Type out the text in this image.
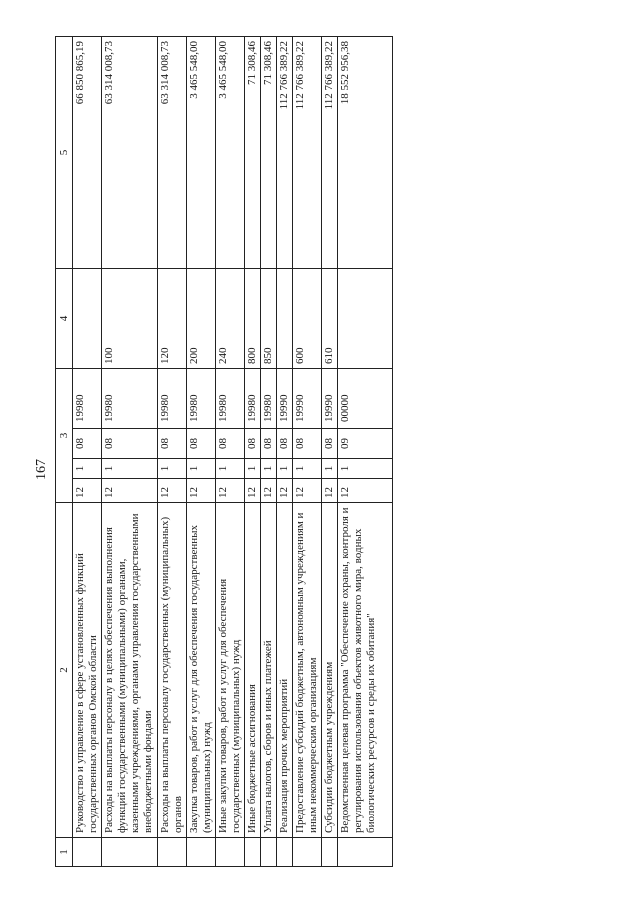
167
1	2	3				4	5
	Руководство и управление в сфере установленных функций государственных органов Омской области	12	1	08	19980		66 850 865,19
	Расходы на выплаты персоналу в целях обеспечения выполнения функций государственными (муниципальными) органами, казенными учреждениями, органами управления государственными внебюджетными фондами	12	1	08	19980	100	63 314 008,73
	Расходы на выплаты персоналу государственных (муниципальных) органов	12	1	08	19980	120	63 314 008,73
	Закупка товаров, работ и услуг для обеспечения государственных (муниципальных) нужд	12	1	08	19980	200	3 465 548,00
	Иные закупки товаров, работ и услуг для обеспечения государственных (муниципальных) нужд	12	1	08	19980	240	3 465 548,00
	Иные бюджетные ассигнования	12	1	08	19980	800	71 308,46
	Уплата налогов, сборов и иных платежей	12	1	08	19980	850	71 308,46
	Реализация прочих мероприятий	12	1	08	19990		112 766 389,22
	Предоставление субсидий бюджетным, автономным учреждениям и иным некоммерческим организациям	12	1	08	19990	600	112 766 389,22
	Субсидии бюджетным учреждениям	12	1	08	19990	610	112 766 389,22
	Ведомственная целевая программа "Обеспечение охраны, контроля и регулирования использования объектов животного мира, водных биологических ресурсов и среды их обитания"	12	1	09	00000		18 552 956,38
